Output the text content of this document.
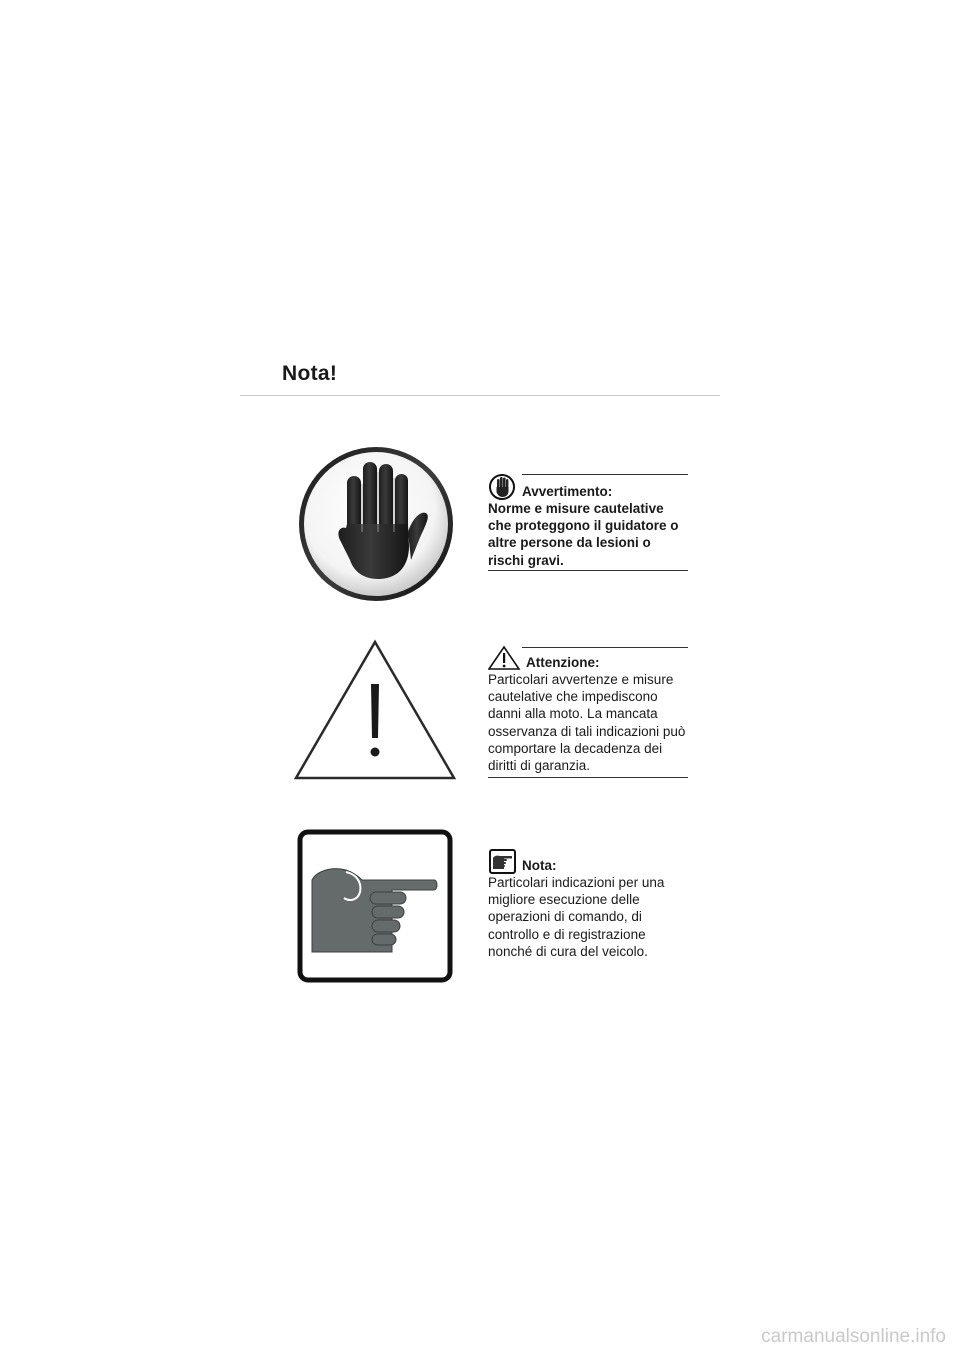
Nota!
Avvertimento:

Norme e misure cautelative che proteggono il guidatore o altre persone da lesioni o rischi gravi.

Attenzione:

Particolari avvertenze e misure cautelative che impediscono danni alla moto. La mancata osservanza di tali indicazioni può comportare la decadenza dei diritti di garanzia.

Nota:

Particolari indicazioni per una migliore esecuzione delle operazioni di comando, di controllo e di registrazione nonché di cura del veicolo.

carmanualsonline.info
